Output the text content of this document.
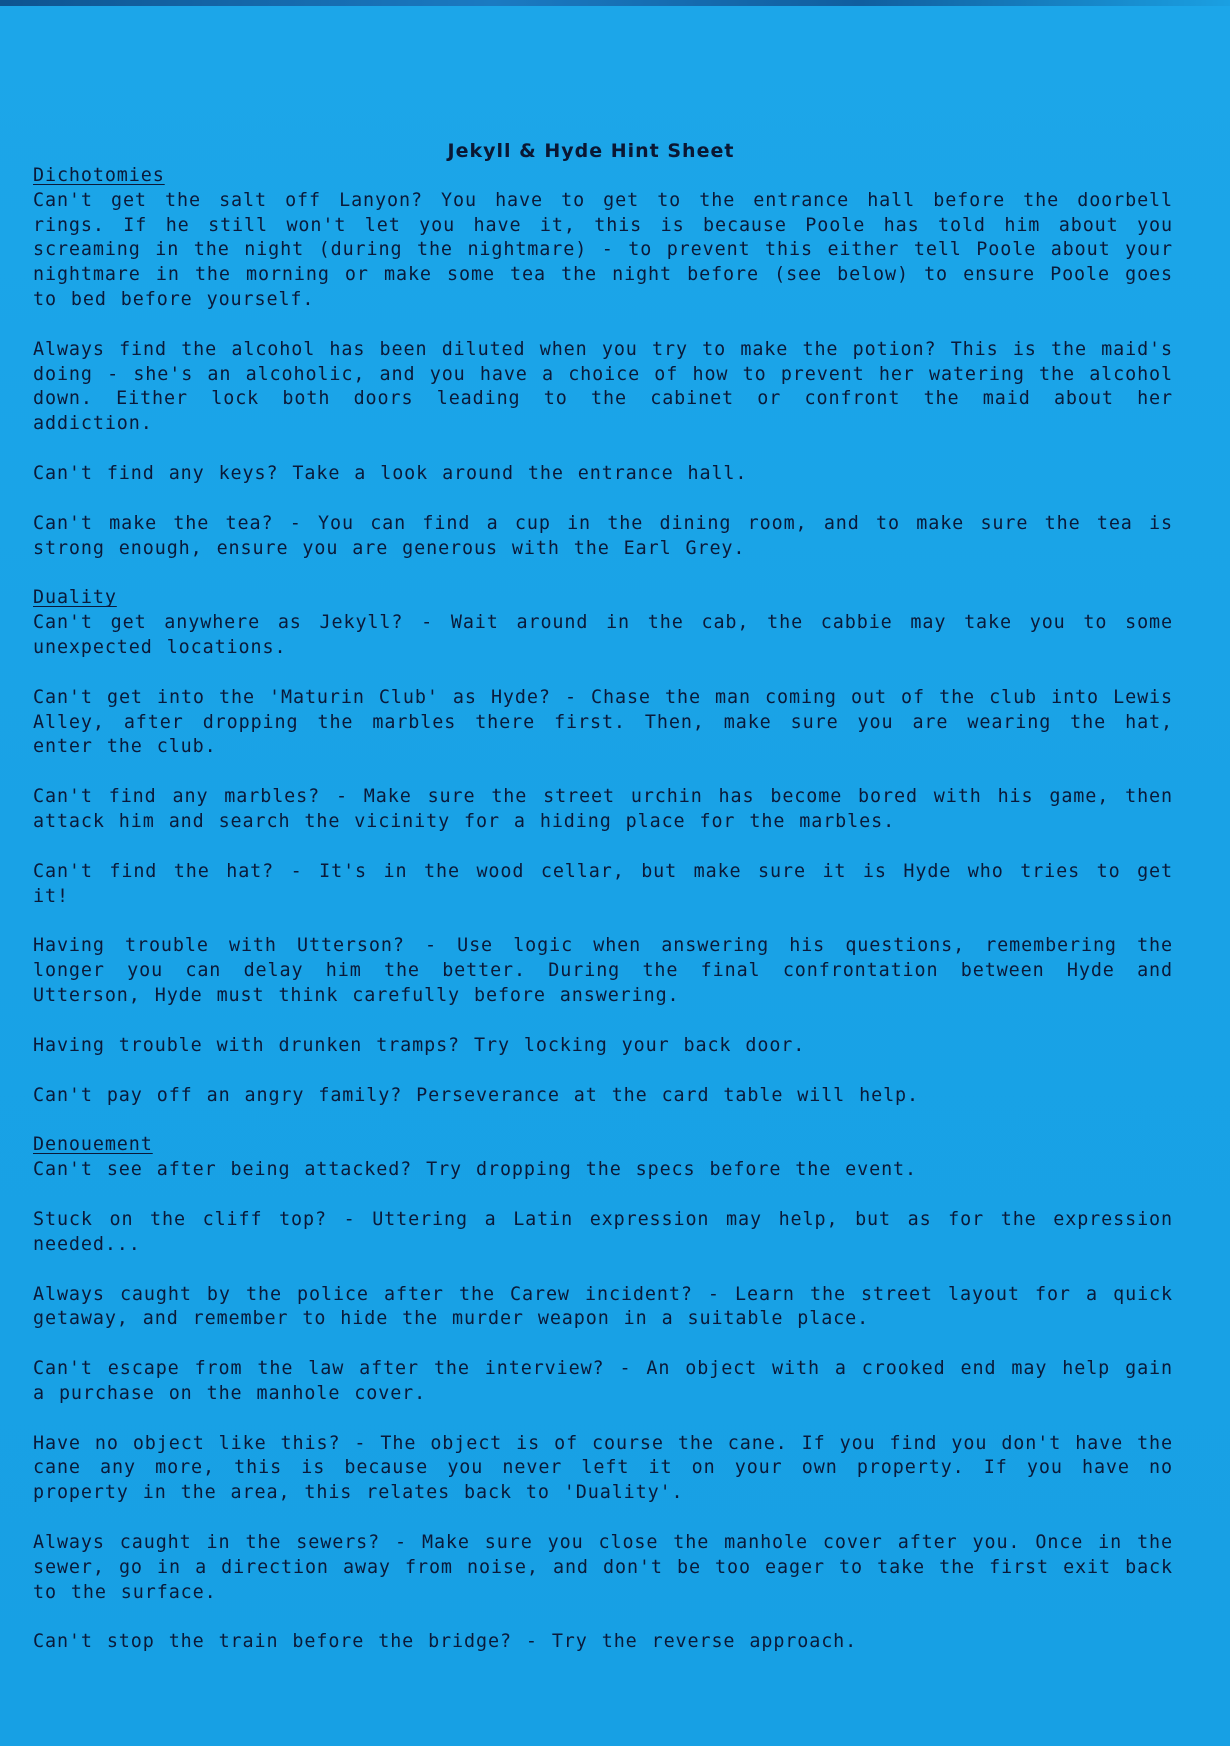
Jekyll & Hyde Hint Sheet

Dichotomies

Can't get the salt off Lanyon? You have to get to the entrance hall before the doorbell rings. If he still won't let you have it, this is because Poole has told him about you screaming in the night (during the nightmare) - to prevent this either tell Poole about your nightmare in the morning or make some tea the night before (see below) to ensure Poole goes to bed before yourself.

Always find the alcohol has been diluted when you try to make the potion? This is the maid's doing - she's an alcoholic, and you have a choice of how to prevent her watering the alcohol down. Either lock both doors leading to the cabinet or confront the maid about her addiction.

Can't find any keys? Take a look around the entrance hall.

Can't make the tea? - You can find a cup in the dining room, and to make sure the tea is strong enough, ensure you are generous with the Earl Grey.

Duality

Can't get anywhere as Jekyll? - Wait around in the cab, the cabbie may take you to some unexpected locations.

Can't get into the 'Maturin Club' as Hyde? - Chase the man coming out of the club into Lewis Alley, after dropping the marbles there first. Then, make sure you are wearing the hat, enter the club.

Can't find any marbles? - Make sure the street urchin has become bored with his game, then attack him and search the vicinity for a hiding place for the marbles.

Can't find the hat? - It's in the wood cellar, but make sure it is Hyde who tries to get it!

Having trouble with Utterson? - Use logic when answering his questions, remembering the longer you can delay him the better. During the final confrontation between Hyde and Utterson, Hyde must think carefully before answering.

Having trouble with drunken tramps? Try locking your back door.

Can't pay off an angry family? Perseverance at the card table will help.

Denouement

Can't see after being attacked? Try dropping the specs before the event.

Stuck on the cliff top? - Uttering a Latin expression may help, but as for the expression needed...

Always caught by the police after the Carew incident? - Learn the street layout for a quick getaway, and remember to hide the murder weapon in a suitable place.

Can't escape from the law after the interview? - An object with a crooked end may help gain a purchase on the manhole cover.

Have no object like this? - The object is of course the cane. If you find you don't have the cane any more, this is because you never left it on your own property. If you have no property in the area, this relates back to 'Duality'.

Always caught in the sewers? - Make sure you close the manhole cover after you. Once in the sewer, go in a direction away from noise, and don't be too eager to take the first exit back to the surface.

Can't stop the train before the bridge? - Try the reverse approach.
